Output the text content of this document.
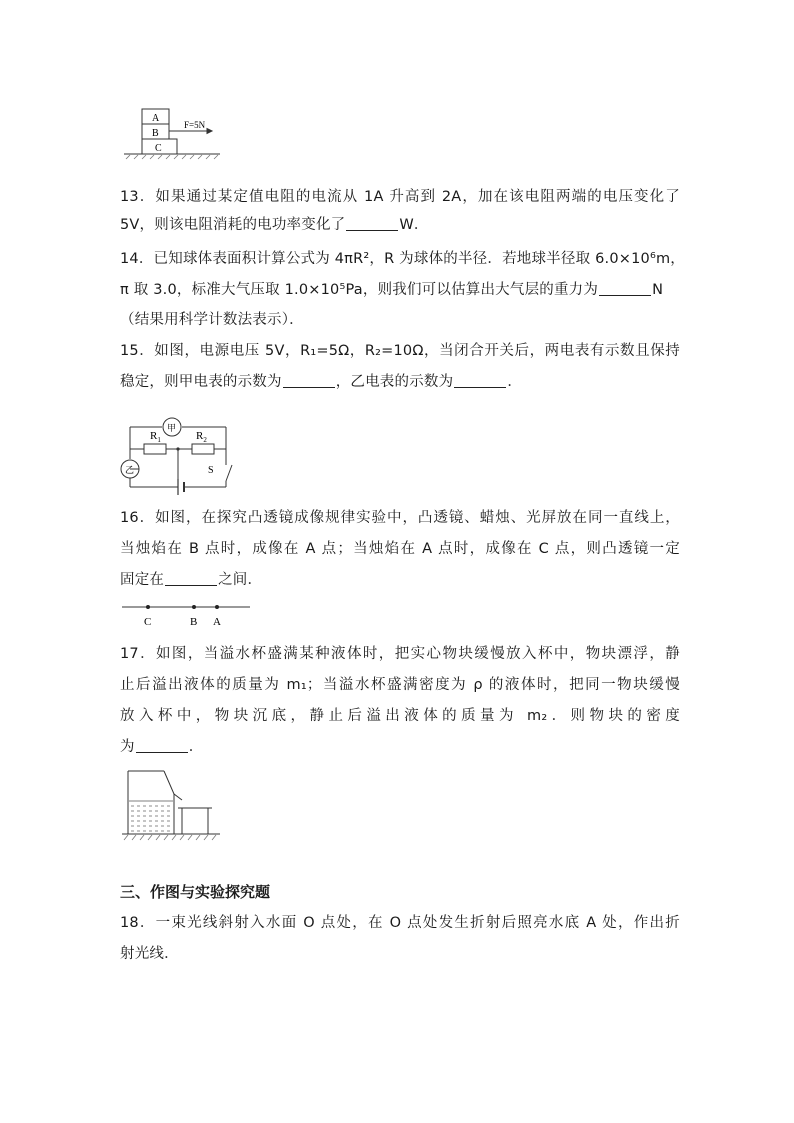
A
B
C
F=5N
13．如果通过某定值电阻的电流从 1A 升高到 2A，加在该电阻两端的电压变化了
5V，则该电阻消耗的电功率变化了	W．
14．已知球体表面积计算公式为 4πR²，R 为球体的半径．若地球半径取 6.0×10⁶m，
π 取 3.0，标准大气压取 1.0×10⁵Pa，则我们可以估算出大气层的重力为	N
（结果用科学计数法表示）．
15．如图，电源电压 5V，R₁=5Ω，R₂=10Ω，当闭合开关后，两电表有示数且保持
稳定，则甲电表的示数为	，乙电表的示数为	．
甲
乙
$R_1$	$R_2$
S
16．如图，在探究凸透镜成像规律实验中，凸透镜、蜡烛、光屏放在同一直线上，
当烛焰在 B 点时，成像在 A 点；当烛焰在 A 点时，成像在 C 点，则凸透镜一定
固定在	之间．
C	B A
17．如图，当溢水杯盛满某种液体时，把实心物块缓慢放入杯中，物块漂浮，静
止后溢出液体的质量为 m₁；当溢水杯盛满密度为 ρ 的液体时，把同一物块缓慢
放入杯中，物块沉底，静止后溢出液体的质量为 m₂．则物块的密度
为	．
三、作图与实验探究题
18．一束光线斜射入水面 O 点处，在 O 点处发生折射后照亮水底 A 处，作出折
射光线．
